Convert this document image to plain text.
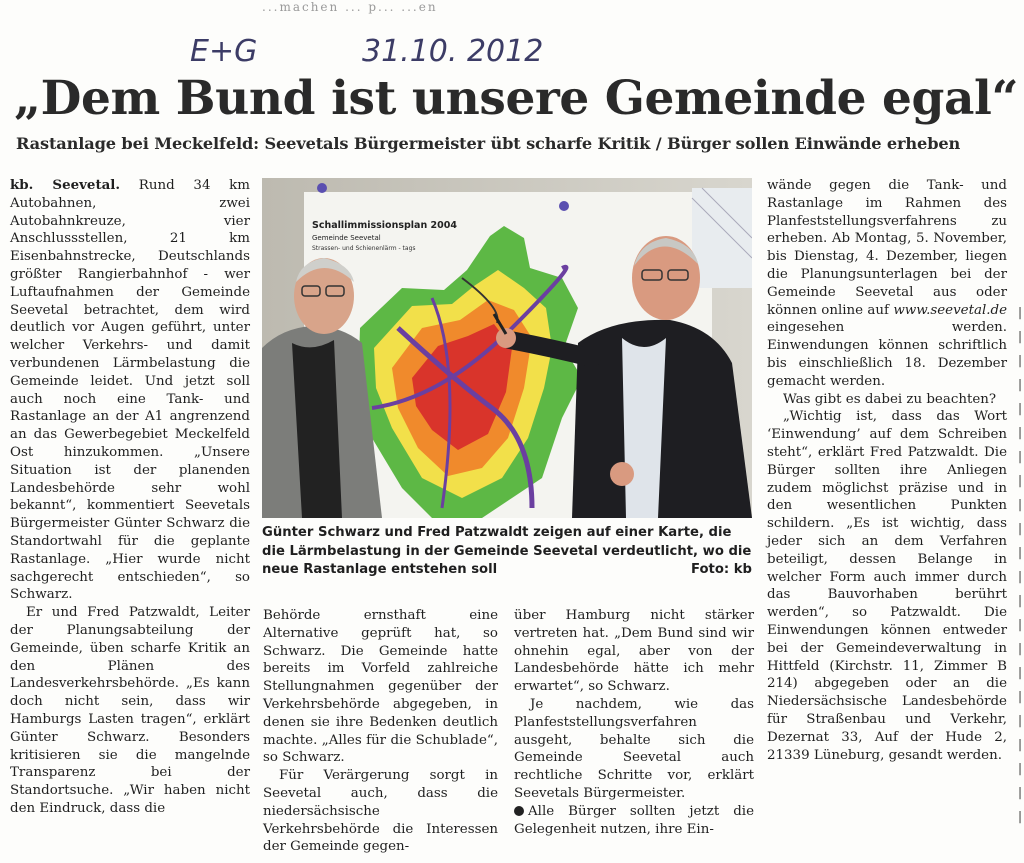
...machen ... p... ...en
E+G	31.10. 2012
„Dem Bund ist unsere Gemeinde egal“
Rastanlage bei Meckelfeld: Seevetals Bürgermeister übt scharfe Kritik / Bürger sollen Einwände erheben

kb. Seevetal. Rund 34 km Autobahnen, zwei Autobahnkreuze, vier Anschlussstellen, 21 km Eisenbahnstrecke, Deutschlands größter Rangierbahnhof - wer Luftaufnahmen der Gemeinde Seevetal betrachtet, dem wird deutlich vor Augen geführt, unter welcher Verkehrs- und damit verbundenen Lärmbelastung die Gemeinde leidet. Und jetzt soll auch noch eine Tank- und Rastanlage an der A1 angrenzend an das Gewerbegebiet Meckelfeld Ost hinzukommen. „Unsere Situation ist der planenden Landesbehörde sehr wohl bekannt“, kommentiert Seevetals Bürgermeister Günter Schwarz die Standortwahl für die geplante Rastanlage. „Hier wurde nicht sachgerecht entschieden“, so Schwarz.

Er und Fred Patzwaldt, Leiter der Planungsabteilung der Gemeinde, üben scharfe Kritik an den Plänen des Landesverkehrsbehörde. „Es kann doch nicht sein, dass wir Hamburgs Lasten tragen“, erklärt Günter Schwarz. Besonders kritisieren sie die mangelnde Transparenz bei der Standortsuche. „Wir haben nicht den Eindruck, dass die

Schallimmissionsplan 2004
Gemeinde Seevetal
Strassen- und Schienenlärm - tags

Günter Schwarz und Fred Patzwaldt zeigen auf einer Karte, die die Lärmbelastung in der Gemeinde Seevetal verdeutlicht, wo die neue Rastanlage entstehen soll	Foto: kb

Behörde ernsthaft eine Alternative geprüft hat, so Schwarz. Die Gemeinde hatte bereits im Vorfeld zahlreiche Stellungnahmen gegenüber der Verkehrsbehörde abgegeben, in denen sie ihre Bedenken deutlich machte. „Alles für die Schublade“, so Schwarz.

Für Verärgerung sorgt in Seevetal auch, dass die niedersächsische Verkehrsbehörde die Interessen der Gemeinde gegen-

über Hamburg nicht stärker vertreten hat. „Dem Bund sind wir ohnehin egal, aber von der Landesbehörde hätte ich mehr erwartet“, so Schwarz.

Je nachdem, wie das Planfeststellungsverfahren ausgeht, behalte sich die Gemeinde Seevetal auch rechtliche Schritte vor, erklärt Seevetals Bürgermeister.

Alle Bürger sollten jetzt die Gelegenheit nutzen, ihre Ein-

wände gegen die Tank- und Rastanlage im Rahmen des Planfeststellungsverfahrens zu erheben. Ab Montag, 5. November, bis Dienstag, 4. Dezember, liegen die Planungsunterlagen bei der Gemeinde Seevetal aus oder können online auf www.seevetal.de eingesehen werden. Einwendungen können schriftlich bis einschließlich 18. Dezember gemacht werden.

Was gibt es dabei zu beachten?

„Wichtig ist, dass das Wort ‘Einwendung’ auf dem Schreiben steht“, erklärt Fred Patzwaldt. Die Bürger sollten ihre Anliegen zudem möglichst präzise und in den wesentlichen Punkten schildern. „Es ist wichtig, dass jeder sich an dem Verfahren beteiligt, dessen Belange in welcher Form auch immer durch das Bauvorhaben berührt werden“, so Patzwaldt. Die Einwendungen können entweder bei der Gemeindeverwaltung in Hittfeld (Kirchstr. 11, Zimmer B 214) abgegeben oder an die Niedersächsische Landesbehörde für Straßenbau und Verkehr, Dezernat 33, Auf der Hude 2, 21339 Lüneburg, gesandt werden.

|
|
|
|
|
|
|
|
|
|
|
|
|
|
|
|
|
|
|
|
|
|
